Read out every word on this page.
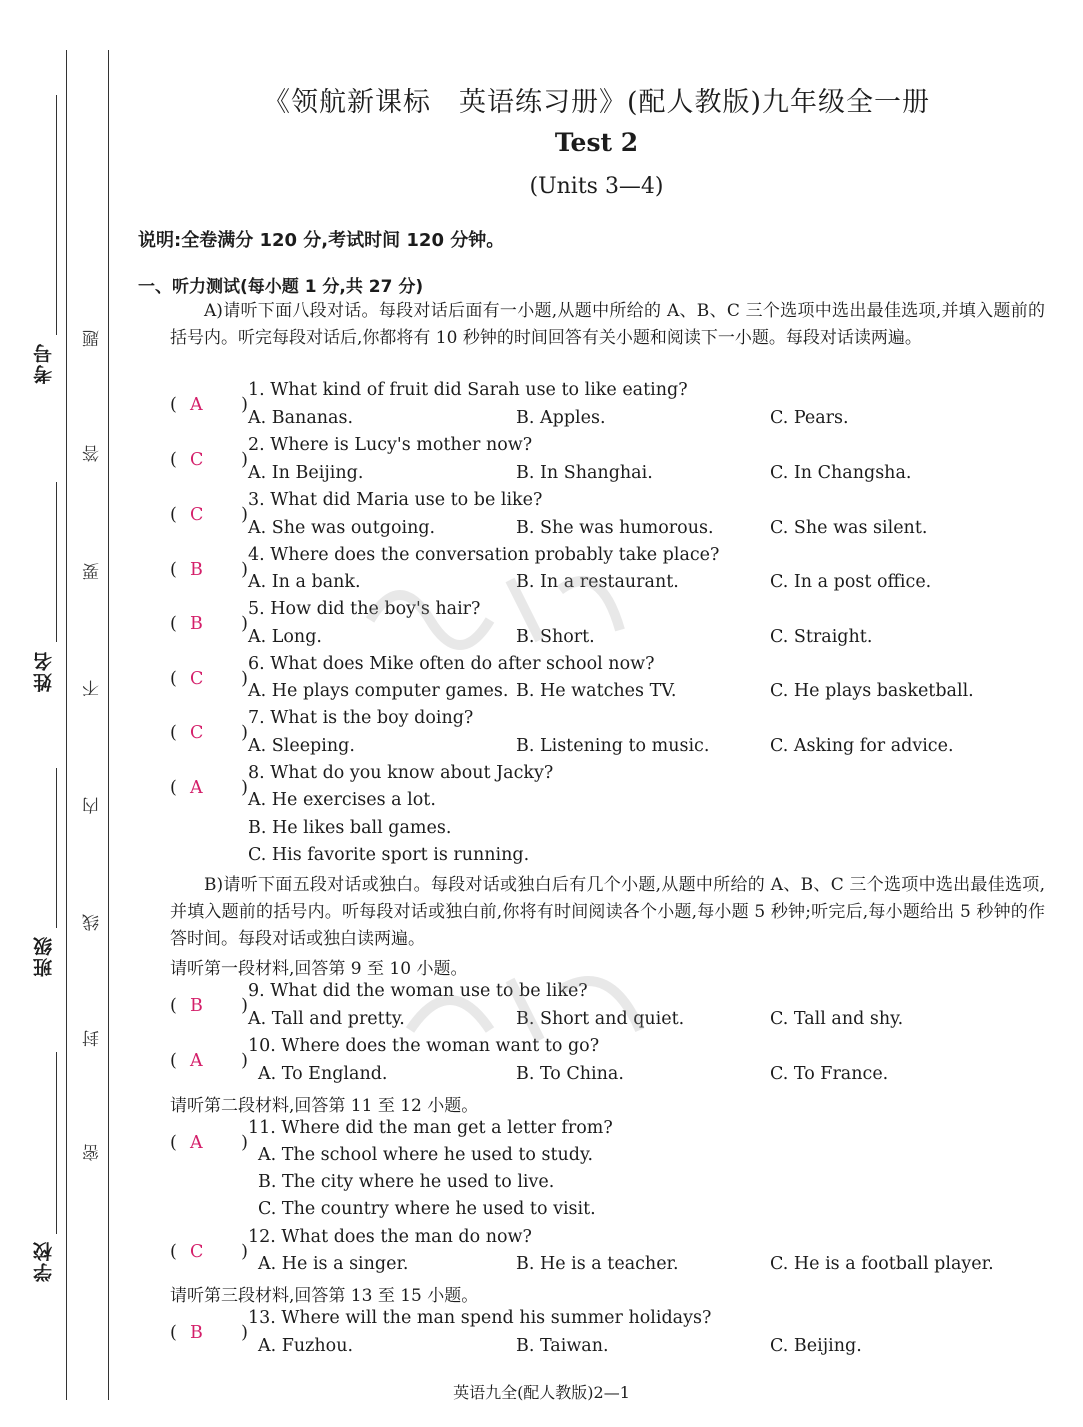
考号
姓名
班级
学校
题
答
要
不
内
线
封
密
《领航新课标　英语练习册》(配人教版)九年级全一册
Test 2
(Units 3—4)
说明:全卷满分 120 分,考试时间 120 分钟。
一、听力测试(每小题 1 分,共 27 分)
A)请听下面八段对话。每段对话后面有一小题,从题中所给的 A、B、C 三个选项中选出最佳选项,并填入题前的括号内。听完每段对话后,你都将有 10 秒钟的时间回答有关小题和阅读下一小题。每段对话读两遍。
( A )
1. What kind of fruit did Sarah use to like eating?
A. Bananas.	B. Apples.	C. Pears.
( C )
2. Where is Lucy's mother now?
A. In Beijing.	B. In Shanghai.	C. In Changsha.
( C )
3. What did Maria use to be like?
A. She was outgoing.	B. She was humorous.	C. She was silent.
( B )
4. Where does the conversation probably take place?
A. In a bank.	B. In a restaurant.	C. In a post office.
( B )
5. How did the boy's hair?
A. Long.	B. Short.	C. Straight.
( C )
6. What does Mike often do after school now?
A. He plays computer games. B. He watches TV.	C. He plays basketball.
( C )
7. What is the boy doing?
A. Sleeping.	B. Listening to music.	C. Asking for advice.
( A )
8. What do you know about Jacky?
A. He exercises a lot.
B. He likes ball games.
C. His favorite sport is running.
B)请听下面五段对话或独白。每段对话或独白后有几个小题,从题中所给的 A、B、C 三个选项中选出最佳选项,并填入题前的括号内。听每段对话或独白前,你将有时间阅读各个小题,每小题 5 秒钟;听完后,每小题给出 5 秒钟的作答时间。每段对话或独白读两遍。
请听第一段材料,回答第 9 至 10 小题。
( B )
9. What did the woman use to be like?
A. Tall and pretty.	B. Short and quiet.	C. Tall and shy.
( A )
10. Where does the woman want to go?
A. To England.	B. To China.	C. To France.
请听第二段材料,回答第 11 至 12 小题。
( A )
11. Where did the man get a letter from?
A. The school where he used to study.
B. The city where he used to live.
C. The country where he used to visit.
( C )
12. What does the man do now?
A. He is a singer.	B. He is a teacher.	C. He is a football player.
请听第三段材料,回答第 13 至 15 小题。
( B )
13. Where will the man spend his summer holidays?
A. Fuzhou.	B. Taiwan.	C. Beijing.
英语九全(配人教版)2—1
